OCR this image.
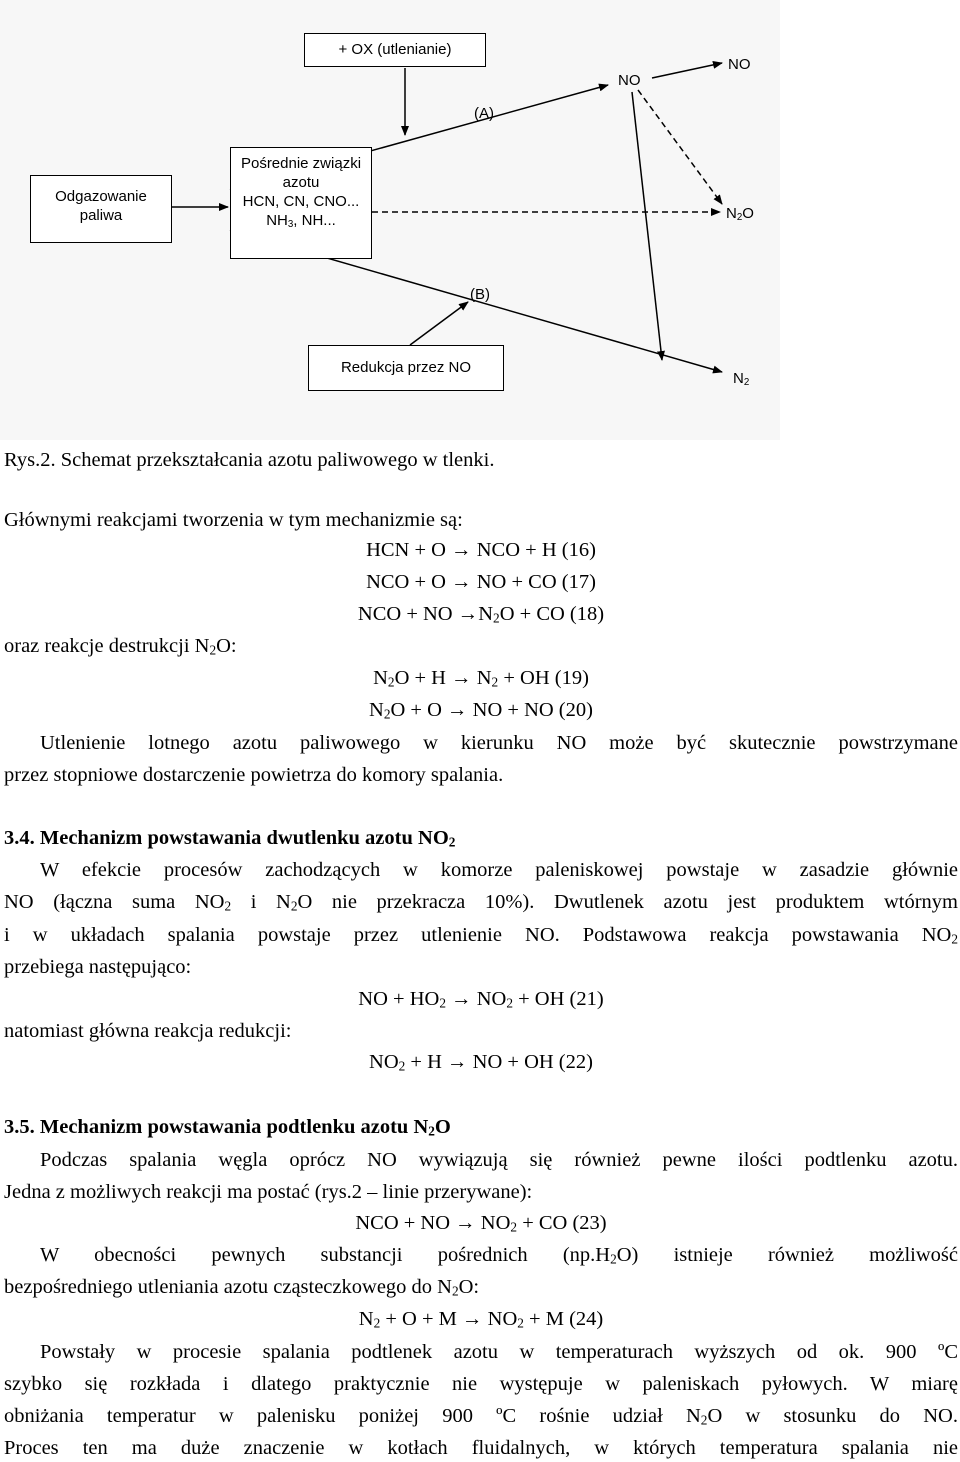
+ OX (utlenianie)
Odgazowanie
paliwa
Pośrednie związki
azotu
HCN, CN, CNO...
$NH_3$, NH...
Redukcja przez NO
(A)
(B)
NO
NO
$N_2O$
$N_2$
Rys.2. Schemat przekształcania azotu paliwowego w tlenki.
Głównymi reakcjami tworzenia w tym mechanizmie są:
HCN + O → NCO + H (16)
NCO + O → NO + CO (17)
NCO + NO $\to N_2O$ + CO (18)
oraz reakcje destrukcji $N_2O$:
$N_2O + H \to N_2$ + OH (19)
$N_2O + O$ → NO + NO (20)
Utlenienie lotnego azotu paliwowego w kierunku NO może być skutecznie powstrzymane
przez stopniowe dostarczenie powietrza do komory spalania.
3.4. Mechanizm powstawania dwutlenku azotu $NO_2$
W efekcie procesów zachodzących w komorze paleniskowej powstaje w zasadzie głównie
NO (łączna suma $NO_2$ i $N_2O$ nie przekracza 10%). Dwutlenek azotu jest produktem wtórnym
i w układach spalania powstaje przez utlenienie NO. Podstawowa reakcja powstawania $NO_2$
przebiega następująco:
NO + $HO_2 \to NO_2$ + OH (21)
natomiast główna reakcja redukcji:
$NO_2 + H$ → NO + OH (22)
3.5. Mechanizm powstawania podtlenku azotu $N_2O$
Podczas spalania węgla oprócz NO wywiązują się również pewne ilości podtlenku azotu.
Jedna z możliwych reakcji ma postać (rys.2 – linie przerywane):
NCO + NO → $NO_2$ + CO (23)
W obecności pewnych substancji pośrednich $(np.H_2O)$ istnieje również możliwość
bezpośredniego utleniania azotu cząsteczkowego do $N_2O$:
$N_2 + O + M \to NO_2 + M$ (24)
Powstały w procesie spalania podtlenek azotu w temperaturach wyższych od ok. 900 ºC
szybko się rozkłada i dlatego praktycznie nie występuje w paleniskach pyłowych. W miarę
obniżania temperatur w palenisku poniżej 900 ºC rośnie udział $N_2O$ w stosunku do NO.
Proces ten ma duże znaczenie w kotłach fluidalnych, w których temperatura spalania nie
